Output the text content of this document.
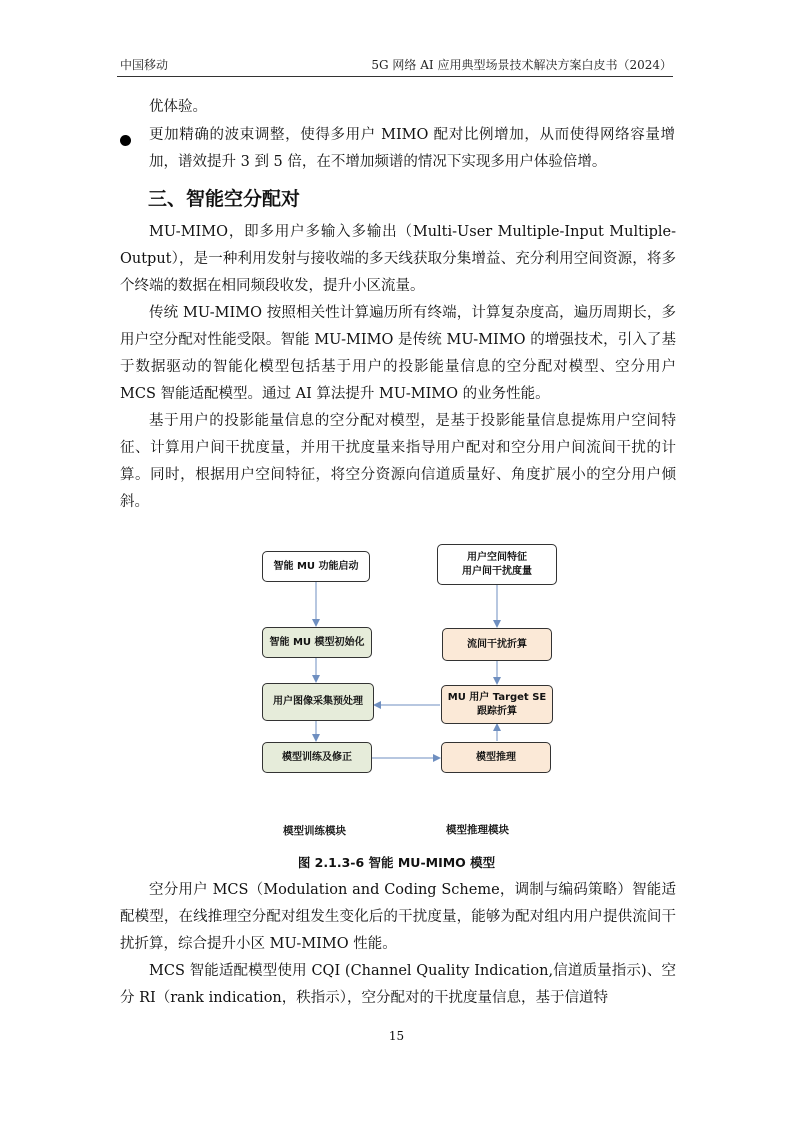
中国移动	5G 网络 AI 应用典型场景技术解决方案白皮书（2024）
优体验。
更加精确的波束调整，使得多用户 MIMO 配对比例增加，从而使得网络容量增加，谱效提升 3 到 5 倍，在不增加频谱的情况下实现多用户体验倍增。
三、智能空分配对
MU-MIMO，即多用户多输入多输出（Multi-User Multiple-Input Multiple-Output），是一种利用发射与接收端的多天线获取分集增益、充分利用空间资源，将多个终端的数据在相同频段收发，提升小区流量。
传统 MU-MIMO 按照相关性计算遍历所有终端，计算复杂度高，遍历周期长，多用户空分配对性能受限。智能 MU-MIMO 是传统 MU-MIMO 的增强技术，引入了基于数据驱动的智能化模型包括基于用户的投影能量信息的空分配对模型、空分用户 MCS 智能适配模型。通过 AI 算法提升 MU-MIMO 的业务性能。
基于用户的投影能量信息的空分配对模型，是基于投影能量信息提炼用户空间特征、计算用户间干扰度量，并用干扰度量来指导用户配对和空分用户间流间干扰的计算。同时，根据用户空间特征，将空分资源向信道质量好、角度扩展小的空分用户倾斜。
智能 MU 功能启动
智能 MU 模型初始化
用户图像采集预处理
模型训练及修正
用户空间特征
用户间干扰度量
流间干扰折算
MU 用户 Target SE
跟踪折算
模型推理
模型训练模块	模型推理模块
图 2.1.3-6 智能 MU-MIMO 模型
空分用户 MCS（Modulation and Coding Scheme，调制与编码策略）智能适配模型，在线推理空分配对组发生变化后的干扰度量，能够为配对组内用户提供流间干扰折算，综合提升小区 MU-MIMO 性能。
MCS 智能适配模型使用 CQI (Channel Quality Indication,信道质量指示)、空分 RI（rank indication，秩指示），空分配对的干扰度量信息，基于信道特
15
